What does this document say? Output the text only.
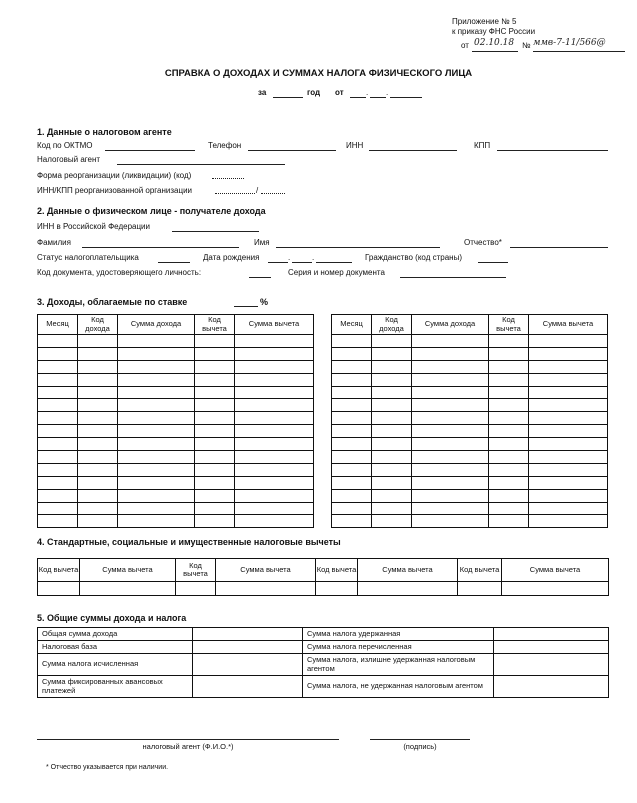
Приложение № 5
к приказу ФНС России
от 02.10.18 № ммв-7-11/566@
СПРАВКА О ДОХОДАХ И СУММАХ НАЛОГА ФИЗИЧЕСКОГО ЛИЦА
за	год от	. .
1. Данные о налоговом агенте
Код по ОКТМО	Телефон	ИНН	КПП
Налоговый агент
Форма реорганизации (ликвидации) (код)
ИНН/КПП реорганизованной организации	/
2. Данные о физическом лице - получателе дохода
ИНН в Российской Федерации
Фамилия	Имя	Отчество*
Статус налогоплательщика	Дата рождения	.	.	Гражданство (код страны)
Код документа, удостоверяющего личность:	Серия и номер документа
3. Доходы, облагаемые по ставке	%
Месяц	Код дохода	Сумма дохода	Код вычета	Сумма вычета

					Месяц	Код дохода	Сумма дохода	Код вычета	Сумма вычета

4. Стандартные, социальные и имущественные налоговые вычеты
Код вычета	Сумма вычета	Код вычета	Сумма вычета	Код вычета	Сумма вычета	Код вычета	Сумма вычета

5. Общие суммы дохода и налога
Общая сумма дохода		Сумма налога удержанная	
Налоговая база		Сумма налога перечисленная	
Сумма налога исчисленная		Сумма налога, излишне удержанная налоговым агентом	
Сумма фиксированных авансовых платежей		Сумма налога, не удержанная налоговым агентом	
налоговый агент (Ф.И.О.*)	(подпись)
* Отчество указывается при наличии.
